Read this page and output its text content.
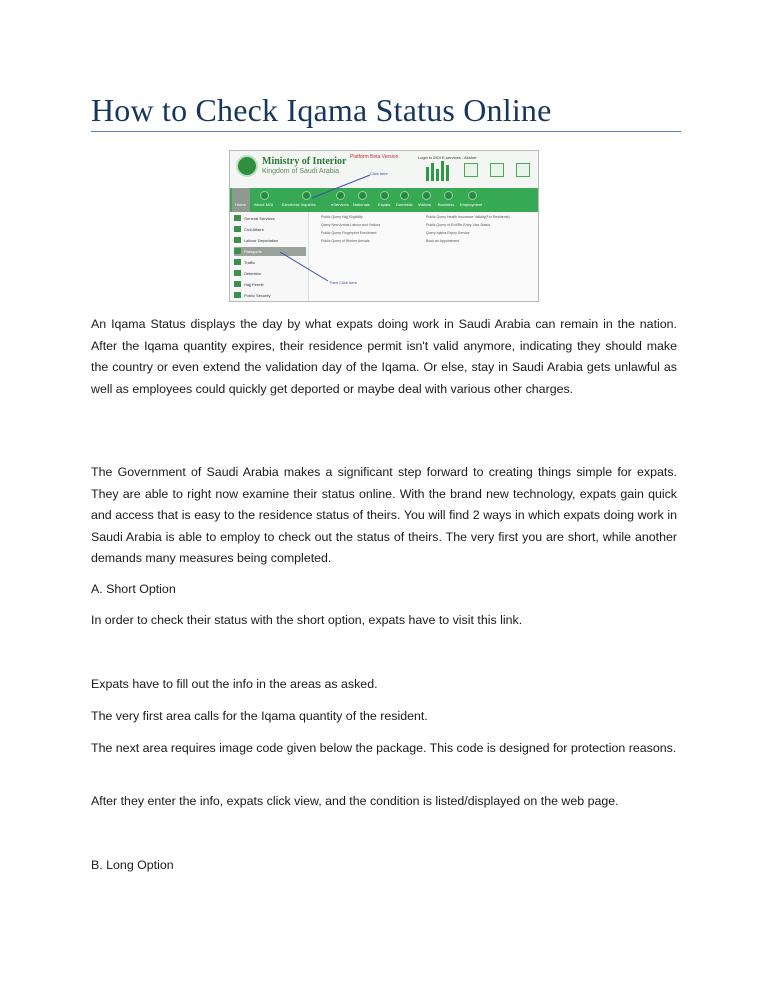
How to Check Iqama Status Online
Ministry of Interior
Kingdom of Saudi Arabia
Platform Beta Version
Click here
Login to MOI E-services - Absher
Home About MOI Electronic Inquiries	eServices Nationals Expats Domestic Visitors Business Employment
General Services
Civil Affairs
Labour Deportation
Passports
Traffic
Detention
Hajj Permit
Public Security
Public Query Hajj Eligibility
Query New Arrival Labour and Visitors
Public Query Fingerprint Enrollment
Public Query of Worker Arrivals
Public Query Health Insurance Validity(For Residents)
Public Query of Exit/Re-Entry Visa Status
Query Iqama Expiry Service
Book an Appointment
Then Click here
An Iqama Status displays the day by what expats doing work in Saudi Arabia can remain in the nation. After the Iqama quantity expires, their residence permit isn't valid anymore, indicating they should make the country or even extend the validation day of the Iqama. Or else, stay in Saudi Arabia gets unlawful as well as employees could quickly get deported or maybe deal with various other charges.
The Government of Saudi Arabia makes a significant step forward to creating things simple for expats. They are able to right now examine their status online. With the brand new technology, expats gain quick and access that is easy to the residence status of theirs. You will find 2 ways in which expats doing work in Saudi Arabia is able to employ to check out the status of theirs. The very first you are short, while another demands many measures being completed.
A. Short Option
In order to check their status with the short option, expats have to visit this link.
Expats have to fill out the info in the areas as asked.
The very first area calls for the Iqama quantity of the resident.
The next area requires image code given below the package. This code is designed for protection reasons.
After they enter the info, expats click view, and the condition is listed/displayed on the web page.
B. Long Option
